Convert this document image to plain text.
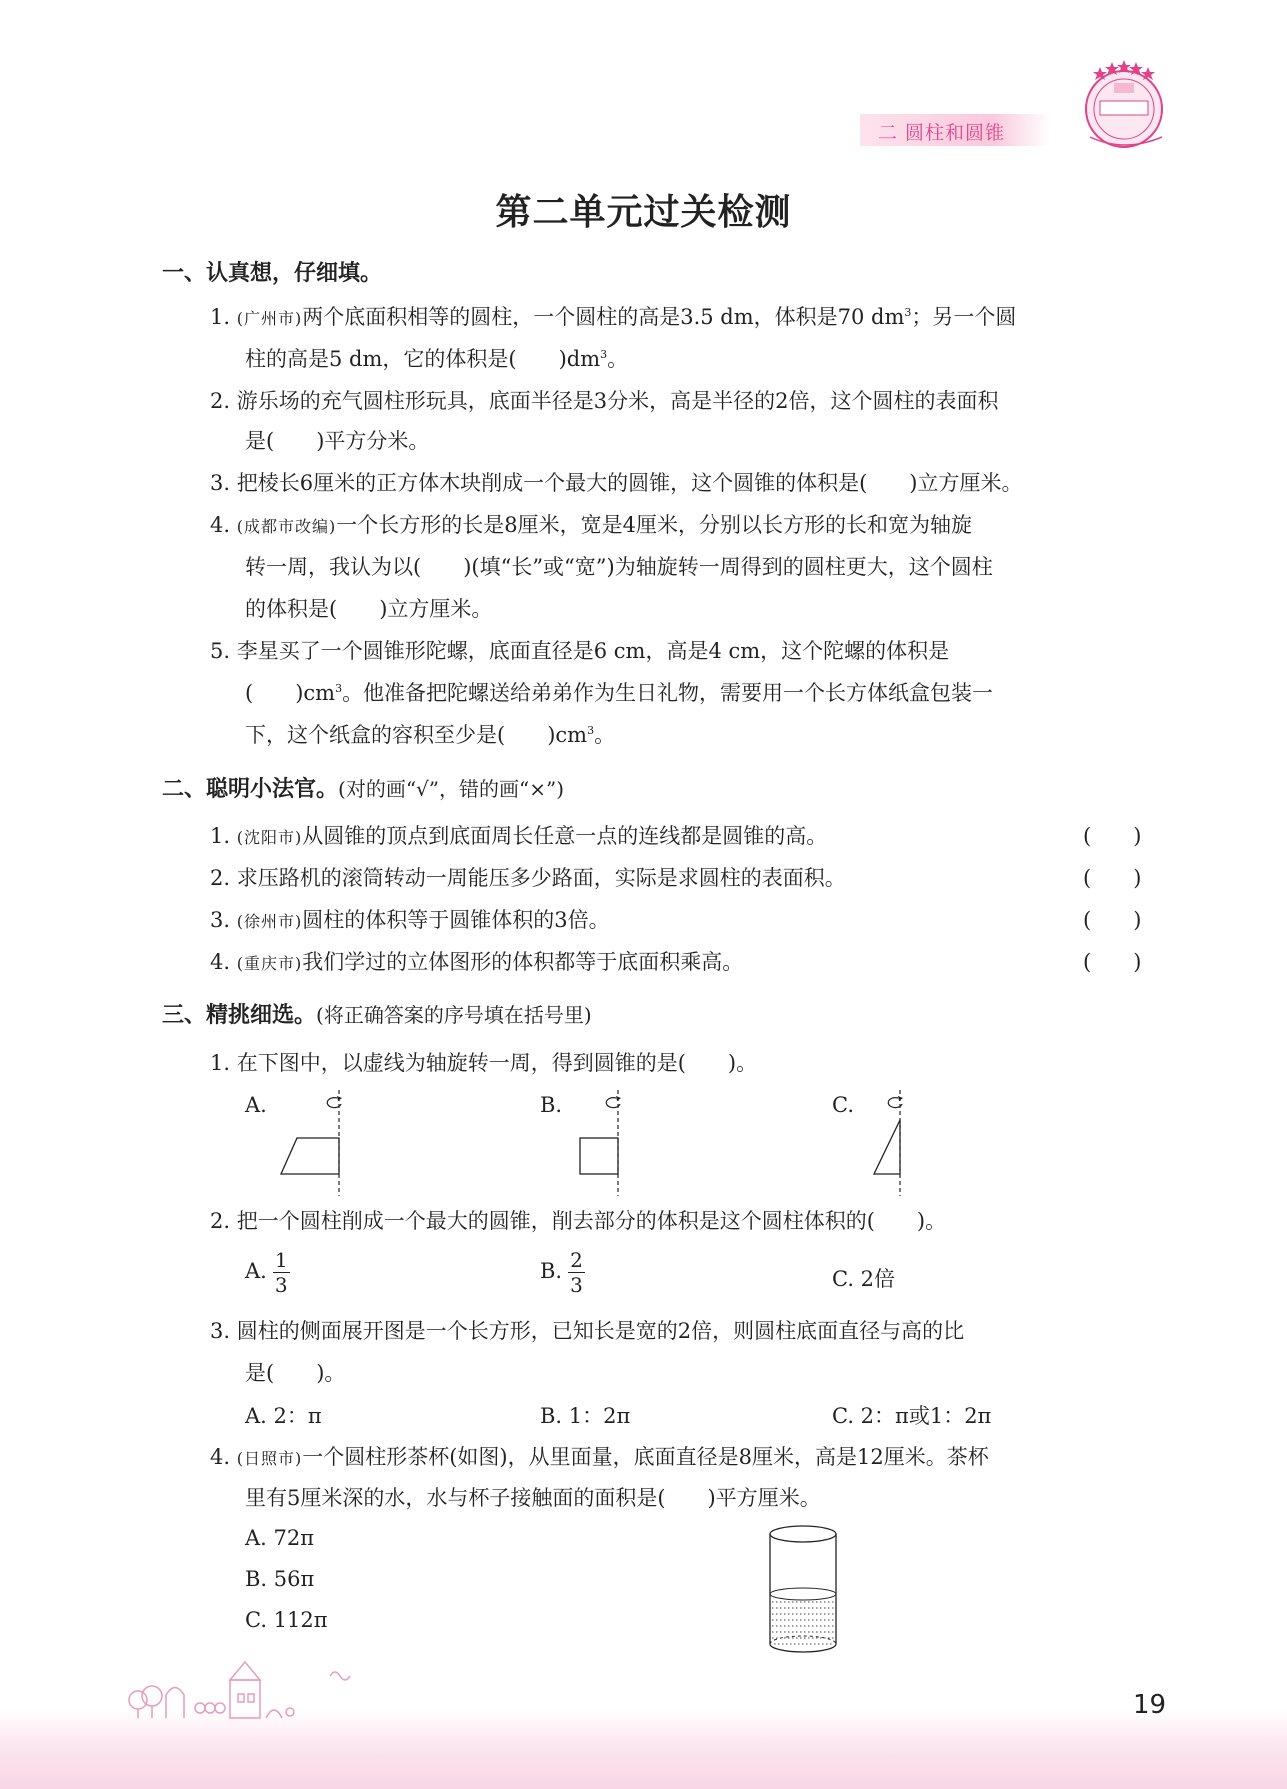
二 圆柱和圆锥
第二单元过关检测
一、认真想，仔细填。
1. (广州市)两个底面积相等的圆柱，一个圆柱的高是3.5 dm，体积是70 $dm^3$；另一个圆
柱的高是5 dm，它的体积是(　　)$dm^3$。
2. 游乐场的充气圆柱形玩具，底面半径是3分米，高是半径的2倍，这个圆柱的表面积
是(　　)平方分米。
3. 把棱长6厘米的正方体木块削成一个最大的圆锥，这个圆锥的体积是(　　)立方厘米。
4. (成都市改编)一个长方形的长是8厘米，宽是4厘米，分别以长方形的长和宽为轴旋
转一周，我认为以(　　)(填“长”或“宽”)为轴旋转一周得到的圆柱更大，这个圆柱
的体积是(　　)立方厘米。
5. 李星买了一个圆锥形陀螺，底面直径是6 cm，高是4 cm，这个陀螺的体积是
(　　)$cm^3$。他准备把陀螺送给弟弟作为生日礼物，需要用一个长方体纸盒包装一
下，这个纸盒的容积至少是(　　)$cm^3$。
二、聪明小法官。(对的画“√”，错的画“×”)
1. (沈阳市)从圆锥的顶点到底面周长任意一点的连线都是圆锥的高。	(　　)
2. 求压路机的滚筒转动一周能压多少路面，实际是求圆柱的表面积。	(　　)
3. (徐州市)圆柱的体积等于圆锥体积的3倍。	(　　)
4. (重庆市)我们学过的立体图形的体积都等于底面积乘高。	(　　)
三、精挑细选。(将正确答案的序号填在括号里)
1. 在下图中，以虚线为轴旋转一周，得到圆锥的是(　　)。
A.	B.	C.
2. 把一个圆柱削成一个最大的圆锥，削去部分的体积是这个圆柱体积的(　　)。
A. $\frac{1}{3}$	B. $\frac{2}{3}$	C. 2倍
3. 圆柱的侧面展开图是一个长方形，已知长是宽的2倍，则圆柱底面直径与高的比
是(　　)。
A. 2：π	B. 1：2π	C. 2：π或1：2π
4. (日照市)一个圆柱形茶杯(如图)，从里面量，底面直径是8厘米，高是12厘米。茶杯
里有5厘米深的水，水与杯子接触面的面积是(　　)平方厘米。
A. 72π
B. 56π
C. 112π
19
